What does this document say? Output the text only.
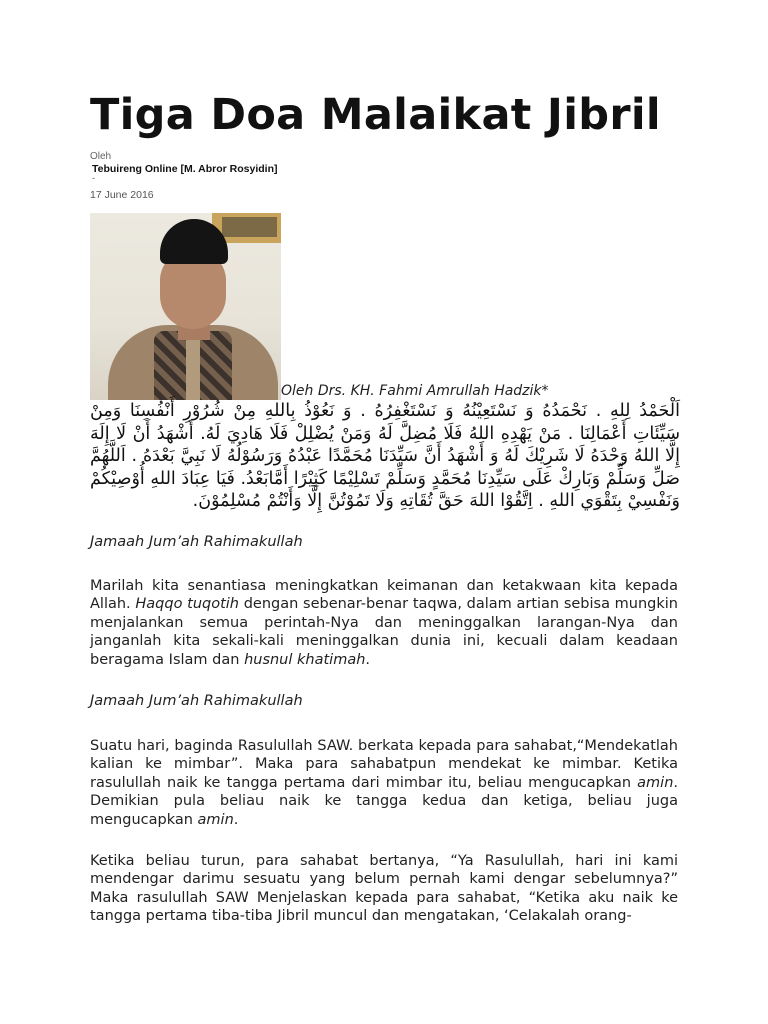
Tiga Doa Malaikat Jibril
Oleh
Tebuireng Online [M. Abror Rosyidin]
-
17 June 2016
Oleh Drs. KH. Fahmi Amrullah Hadzik*
اَلْحَمْدُ لِلهِ . نَحْمَدُهُ وَ نَسْتَعِيْنُهُ وَ نَسْتَغْفِرُهُ . وَ نَعُوْذُ بِاللهِ مِنْ شُرُوْرِ أَنْفُسِنَا وَمِنْ سَيِّئَاتِ أَعْمَالِنَا . مَنْ يَهْدِهِ اللهُ فَلَا مُضِلَّ لَهُ وَمَنْ يُضْلِلْ فَلَا هَادِيَ لَهُ. أَشْهَدُ أَنْ لَا إِلَهَ إِلَّا اللهُ وَحْدَهُ لَا شَرِيْكَ لَهُ وَ أَشْهَدُ أَنَّ سَيِّدَنَا مُحَمَّدًا عَبْدُهُ وَرَسُوْلُهُ لَا نَبِيَّ بَعْدَهُ . اَللَّهُمَّ صَلِّ وَسَلِّمْ وَبَارِكْ عَلَى سَيِّدِنَا مُحَمَّدٍ وَسَلِّمْ تَسْلِيْمًا كَثِيْرًا أَمَّابَعْدُ. فَيَا عِبَادَ اللهِ أُوْصِيْكُمْ وَنَفْسِيْ بِتَقْوَي اللهِ . اِتَّقُوْا اللهَ حَقَّ تُقَاتِهِ وَلَا تَمُوْتُنَّ إِلَّا وَأَنْتُمْ مُسْلِمُوْنَ.

Jamaah Jum’ah Rahimakullah

Marilah kita senantiasa meningkatkan keimanan dan ketakwaan kita kepada Allah. Haqqo tuqotih dengan sebenar-benar taqwa, dalam artian sebisa mungkin menjalankan semua perintah-Nya dan meninggalkan larangan-Nya dan janganlah kita sekali-kali meninggalkan dunia ini, kecuali dalam keadaan beragama Islam dan husnul khatimah.

Jamaah Jum’ah Rahimakullah

Suatu hari, baginda Rasulullah SAW. berkata kepada para sahabat,“Mendekatlah kalian ke mimbar”. Maka para sahabatpun mendekat ke mimbar. Ketika rasulullah naik ke tangga pertama dari mimbar itu, beliau mengucapkan amin. Demikian pula beliau naik ke tangga kedua dan ketiga, beliau juga mengucapkan amin.

Ketika beliau turun, para sahabat bertanya, “Ya Rasulullah, hari ini kami mendengar darimu sesuatu yang belum pernah kami dengar sebelumnya?” Maka rasulullah SAW Menjelaskan kepada para sahabat, “Ketika aku naik ke tangga pertama tiba-tiba Jibril muncul dan mengatakan, ‘Celakalah orang-
